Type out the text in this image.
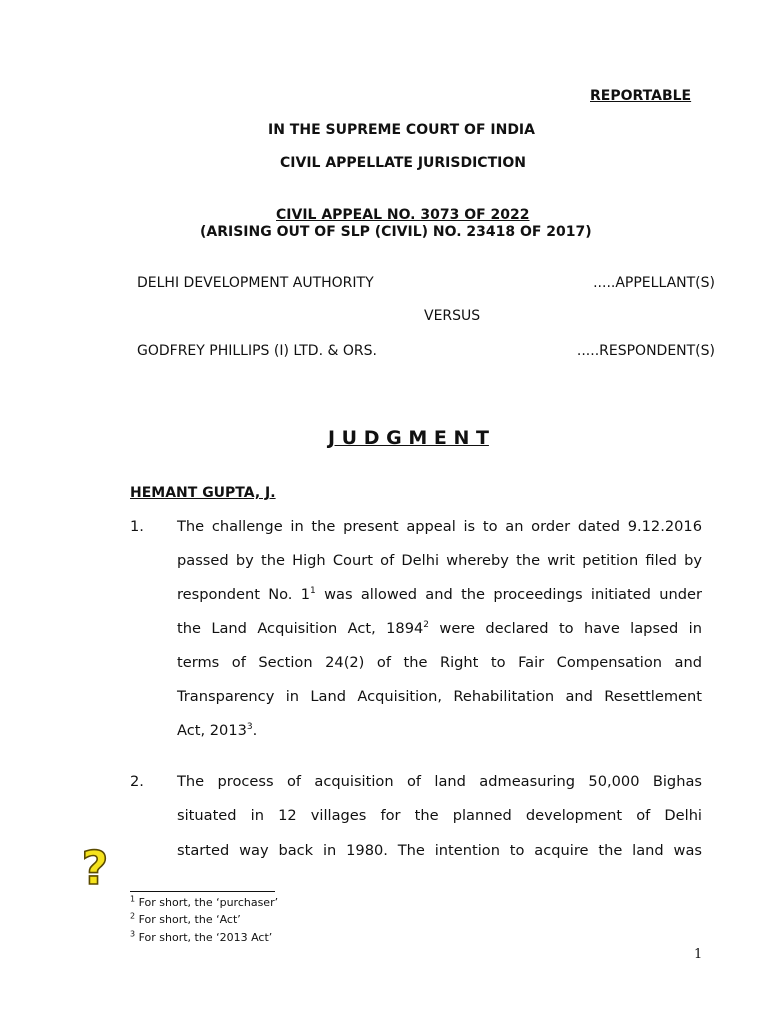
REPORTABLE
IN THE SUPREME COURT OF INDIA
CIVIL APPELLATE JURISDICTION
CIVIL APPEAL NO. 3073 OF 2022
(ARISING OUT OF SLP (CIVIL) NO. 23418 OF 2017)
DELHI DEVELOPMENT AUTHORITY	.....APPELLANT(S)
VERSUS
GODFREY PHILLIPS (I) LTD. & ORS.	.....RESPONDENT(S)
J U D G M E N T
HEMANT GUPTA, J.
1. The challenge in the present appeal is to an order dated 9.12.2016
passed by the High Court of Delhi whereby the writ petition filed by
respondent No. $1^1$ was allowed and the proceedings initiated under
the Land Acquisition Act, 1894$^2$ were declared to have lapsed in
terms of Section 24(2) of the Right to Fair Compensation and
Transparency in Land Acquisition, Rehabilitation and Resettlement
Act, 2013$^3$.
2. The process of acquisition of land admeasuring 50,000 Bighas
situated in 12 villages for the planned development of Delhi
started way back in 1980. The intention to acquire the land was
?
$^1$ For short, the ‘purchaser’
$^2$ For short, the ‘Act’
$^3$ For short, the ‘2013 Act’
1
